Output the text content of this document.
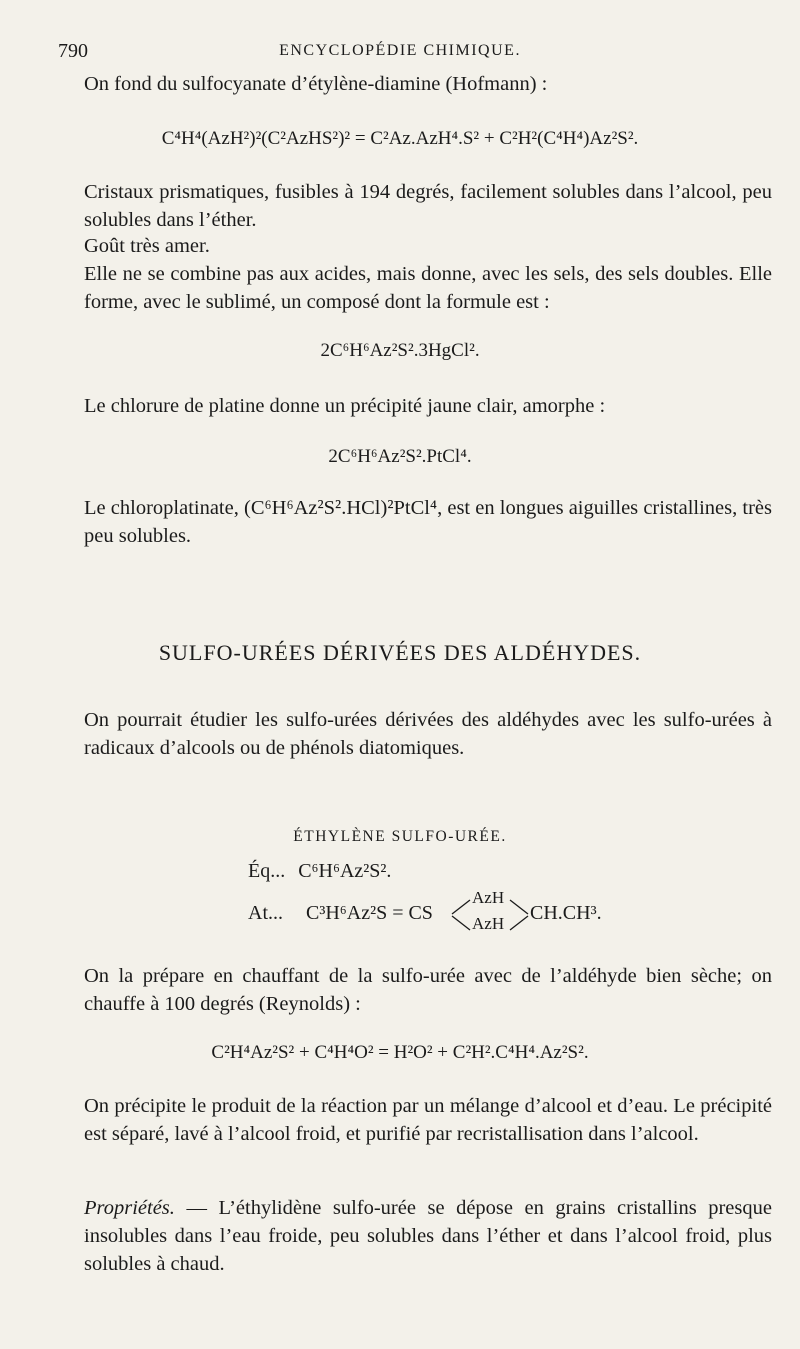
790	ENCYCLOPÉDIE CHIMIQUE.

On fond du sulfocyanate d’étylène-diamine (Hofmann) :

C⁴H⁴(AzH²)²(C²AzHS²)² = C²Az.AzH⁴.S² + C²H²(C⁴H⁴)Az²S².

Cristaux prismatiques, fusibles à 194 degrés, facilement solubles dans l’alcool, peu solubles dans l’éther.

Goût très amer.

Elle ne se combine pas aux acides, mais donne, avec les sels, des sels doubles. Elle forme, avec le sublimé, un composé dont la formule est :

2C⁶H⁶Az²S².3HgCl².

Le chlorure de platine donne un précipité jaune clair, amorphe :

2C⁶H⁶Az²S².PtCl⁴.

Le chloroplatinate, (C⁶H⁶Az²S².HCl)²PtCl⁴, est en longues aiguilles cristallines, très peu solubles.

SULFO-URÉES DÉRIVÉES DES ALDÉHYDES.

On pourrait étudier les sulfo-urées dérivées des aldéhydes avec les sulfo-urées à radicaux d’alcools ou de phénols diatomiques.

ÉTHYLÈNE SULFO-URÉE.
Éq... C⁶H⁶Az²S².
At... C³H⁶Az²S = CS
AzH
AzH CH.CH³.

On la prépare en chauffant de la sulfo-urée avec de l’aldéhyde bien sèche; on chauffe à 100 degrés (Reynolds) :

C²H⁴Az²S² + C⁴H⁴O² = H²O² + C²H².C⁴H⁴.Az²S².

On précipite le produit de la réaction par un mélange d’alcool et d’eau. Le précipité est séparé, lavé à l’alcool froid, et purifié par recristallisation dans l’alcool.

Propriétés. — L’éthylidène sulfo-urée se dépose en grains cristallins presque insolubles dans l’eau froide, peu solubles dans l’éther et dans l’alcool froid, plus solubles à chaud.
